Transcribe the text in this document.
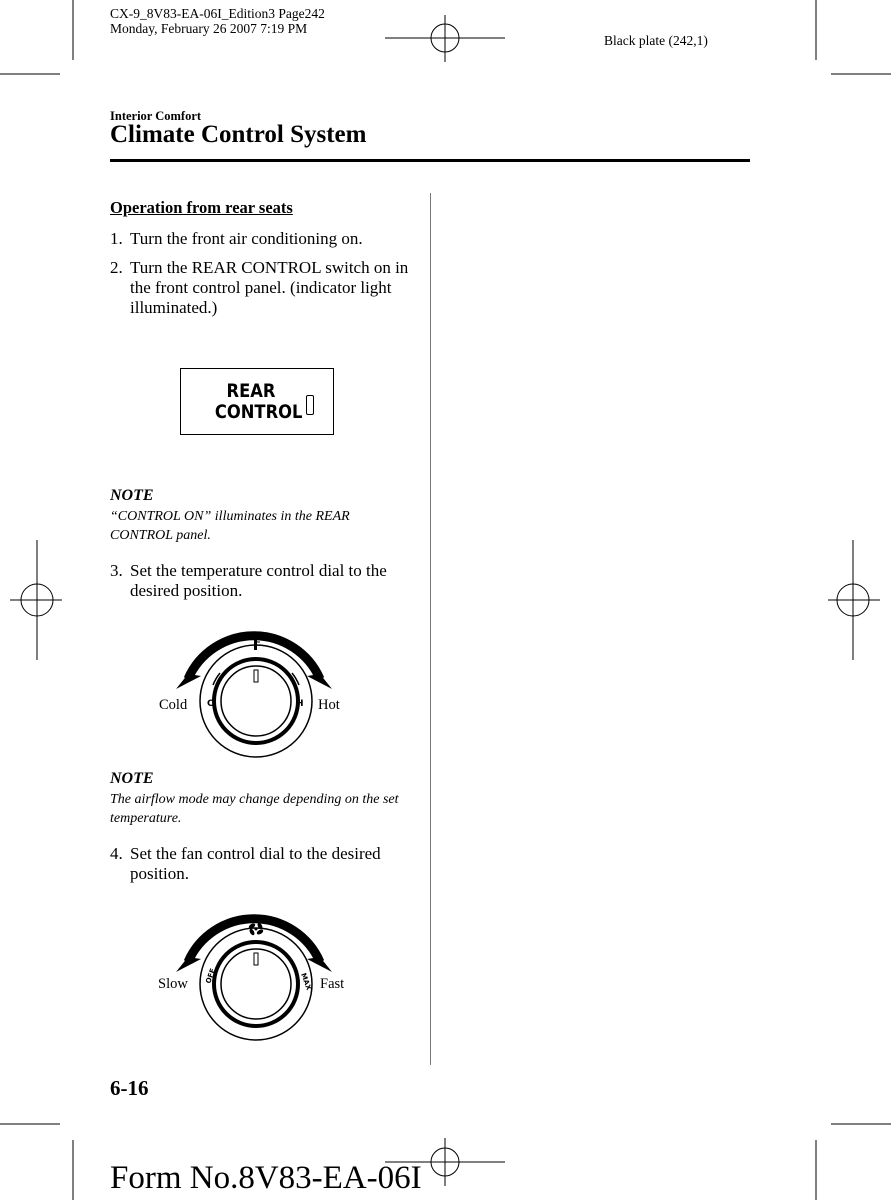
CX-9_8V83-EA-06I_Edition3 Page242
Monday, February 26 2007 7:19 PM
Black plate (242,1)
Interior Comfort
Climate Control System
Operation from rear seats
1. Turn the front air conditioning on.
2. Turn the REAR CONTROL switch on in the front control panel. (indicator light illuminated.)
REAR
CONTROL
NOTE
“CONTROL ON” illuminates in the REAR CONTROL panel.
3. Set the temperature control dial to the desired position.
C	H
Cold	Hot
NOTE
The airflow mode may change depending on the set temperature.
4. Set the fan control dial to the desired position.
OFF	MAX
Slow	Fast
6-16
Form No.8V83-EA-06I
